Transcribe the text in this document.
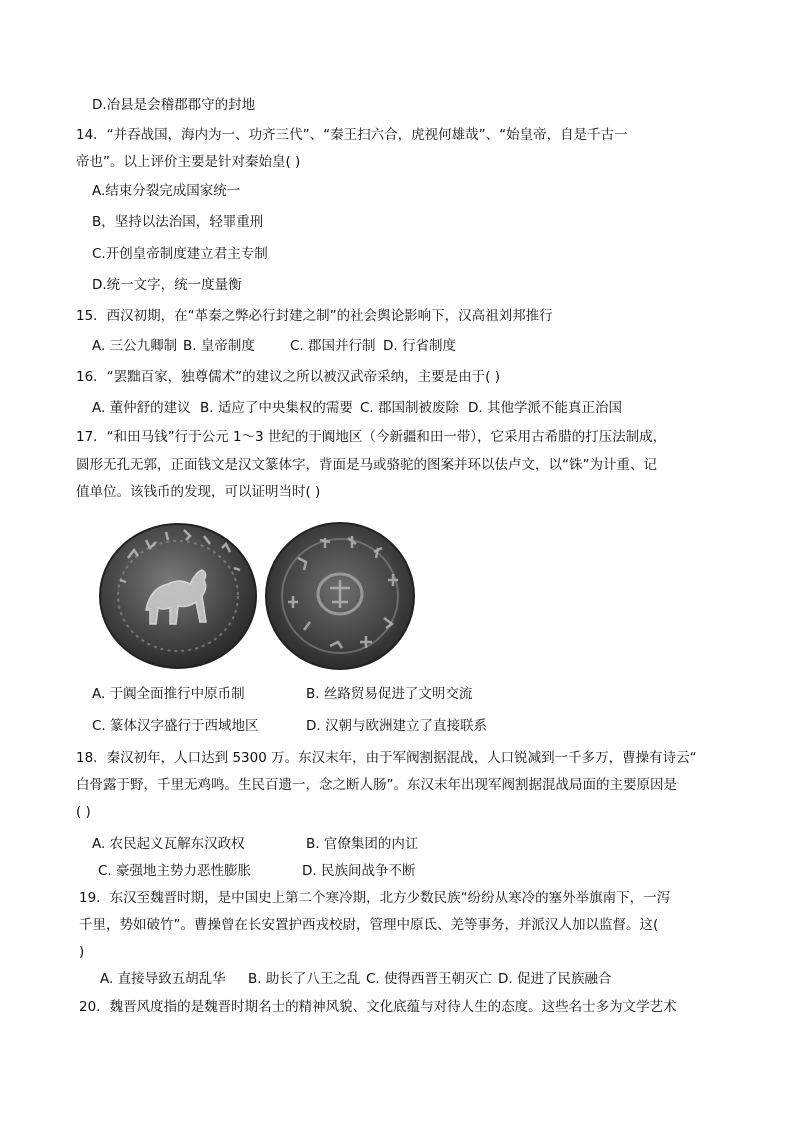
D.冶县是会稽郡郡守的封地
14．“并吞战国，海内为一、功齐三代”、“秦王扫六合，虎视何雄哉”、“始皇帝，自是千古一
帝也”。以上评价主要是针对秦始皇( )
A.结束分裂完成国家统一
B，坚持以法治国，轻罪重刑
C.开创皇帝制度建立君主专制
D.统一文字，统一度量衡
15．西汉初期，在“革秦之弊必行封建之制”的社会舆论影响下，汉高祖刘邦推行
A. 三公九卿制 B. 皇帝制度	C. 郡国并行制 D. 行省制度
16．“罢黜百家，独尊儒术”的建议之所以被汉武帝采纳，主要是由于( )
A. 董仲舒的建议 B. 适应了中央集权的需要 C. 郡国制被废除 D. 其他学派不能真正治国
17．“和田马钱”行于公元 1～3 世纪的于阗地区（今新疆和田一带），它采用古希腊的打压法制成，
圆形无孔无郭，正面钱文是汉文篆体字，背面是马或骆驼的图案并环以佉卢文，以“铢”为计重、记
值单位。该钱币的发现，可以证明当时( )
A. 于阗全面推行中原币制	B. 丝路贸易促进了文明交流
C. 篆体汉字盛行于西域地区	D. 汉朝与欧洲建立了直接联系
18．秦汉初年，人口达到 5300 万。东汉末年，由于军阀割据混战，人口锐减到一千多万，曹操有诗云“
白骨露于野，千里无鸡鸣。生民百遗一，念之断人肠”。东汉末年出现军阀割据混战局面的主要原因是
( )
A. 农民起义瓦解东汉政权	B. 官僚集团的内讧
C. 豪强地主势力恶性膨胀	D. 民族间战争不断
19．东汉至魏晋时期，是中国史上第二个寒冷期，北方少数民族“纷纷从寒冷的塞外举旗南下，一泻
千里，势如破竹”。曹操曾在长安置护西戎校尉，管理中原氐、羌等事务，并派汉人加以监督。这(
)
A. 直接导致五胡乱华 B. 助长了八王之乱 C. 使得西晋王朝灭亡 D. 促进了民族融合
20．魏晋风度指的是魏晋时期名士的精神风貌、文化底蕴与对待人生的态度。这些名士多为文学艺术
